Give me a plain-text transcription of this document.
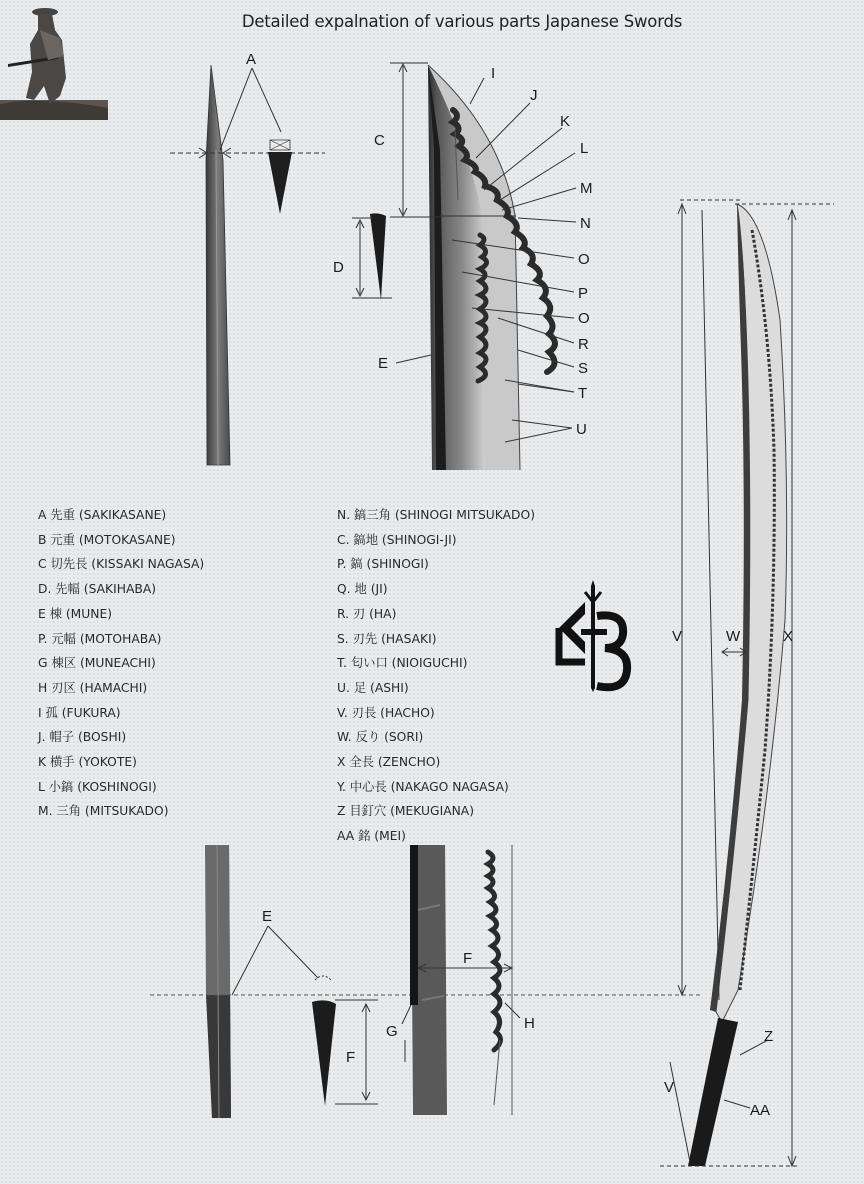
Detailed expalnation of various parts Japanese Swords
A
C
D
I
J
K
L
M
N
O
P
O
R
S
T
U
E
E
F
F
G	H
V	W	X
V
Z
AA
A 先重 (SAKIKASANE)
B 元重 (MOTOKASANE)
C 切先長 (KISSAKI NAGASA)
D. 先幅 (SAKIHABA)
E 棟 (MUNE)
P. 元幅 (MOTOHABA)
G 棟区 (MUNEACHI)
H 刃区 (HAMACHI)
I 孤 (FUKURA)
J. 帽子 (BOSHI)
K 横手 (YOKOTE)
L 小鎬 (KOSHINOGI)
M. 三角 (MITSUKADO)
N. 鎬三角 (SHINOGI MITSUKADO)
C. 鎬地 (SHINOGI-JI)
P. 鎬 (SHINOGI)
Q. 地 (JI)
R. 刃 (HA)
S. 刃先 (HASAKI)
T. 匂い口 (NIOIGUCHI)
U. 足 (ASHI)
V. 刃長 (HACHO)
W. 反り (SORI)
X 全長 (ZENCHO)
Y. 中心長 (NAKAGO NAGASA)
Z 目釘穴 (MEKUGIANA)
AA 銘 (MEI)
